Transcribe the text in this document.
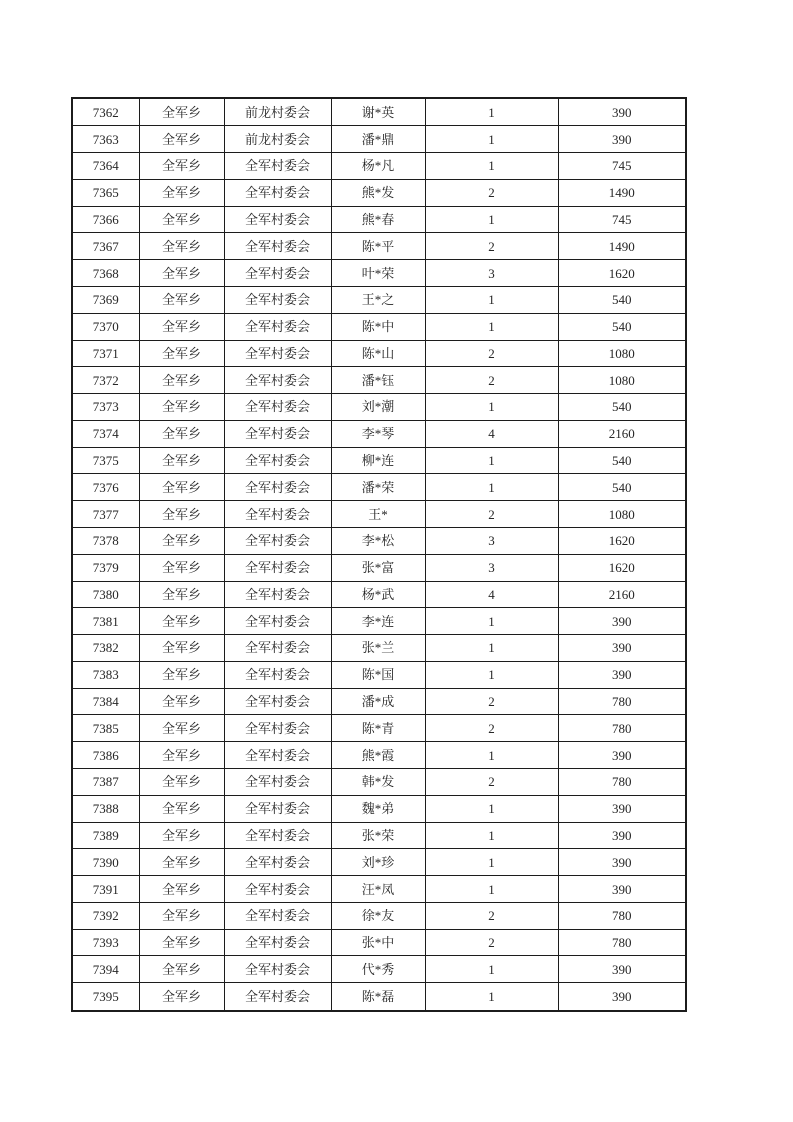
7362	全军乡	前龙村委会	谢*英	1	390
7363	全军乡	前龙村委会	潘*鼎	1	390
7364	全军乡	全军村委会	杨*凡	1	745
7365	全军乡	全军村委会	熊*发	2	1490
7366	全军乡	全军村委会	熊*春	1	745
7367	全军乡	全军村委会	陈*平	2	1490
7368	全军乡	全军村委会	叶*荣	3	1620
7369	全军乡	全军村委会	王*之	1	540
7370	全军乡	全军村委会	陈*中	1	540
7371	全军乡	全军村委会	陈*山	2	1080
7372	全军乡	全军村委会	潘*钰	2	1080
7373	全军乡	全军村委会	刘*潮	1	540
7374	全军乡	全军村委会	李*琴	4	2160
7375	全军乡	全军村委会	柳*连	1	540
7376	全军乡	全军村委会	潘*荣	1	540
7377	全军乡	全军村委会	王*	2	1080
7378	全军乡	全军村委会	李*松	3	1620
7379	全军乡	全军村委会	张*富	3	1620
7380	全军乡	全军村委会	杨*武	4	2160
7381	全军乡	全军村委会	李*连	1	390
7382	全军乡	全军村委会	张*兰	1	390
7383	全军乡	全军村委会	陈*国	1	390
7384	全军乡	全军村委会	潘*成	2	780
7385	全军乡	全军村委会	陈*青	2	780
7386	全军乡	全军村委会	熊*霞	1	390
7387	全军乡	全军村委会	韩*发	2	780
7388	全军乡	全军村委会	魏*弟	1	390
7389	全军乡	全军村委会	张*荣	1	390
7390	全军乡	全军村委会	刘*珍	1	390
7391	全军乡	全军村委会	汪*凤	1	390
7392	全军乡	全军村委会	徐*友	2	780
7393	全军乡	全军村委会	张*中	2	780
7394	全军乡	全军村委会	代*秀	1	390
7395	全军乡	全军村委会	陈*磊	1	390
